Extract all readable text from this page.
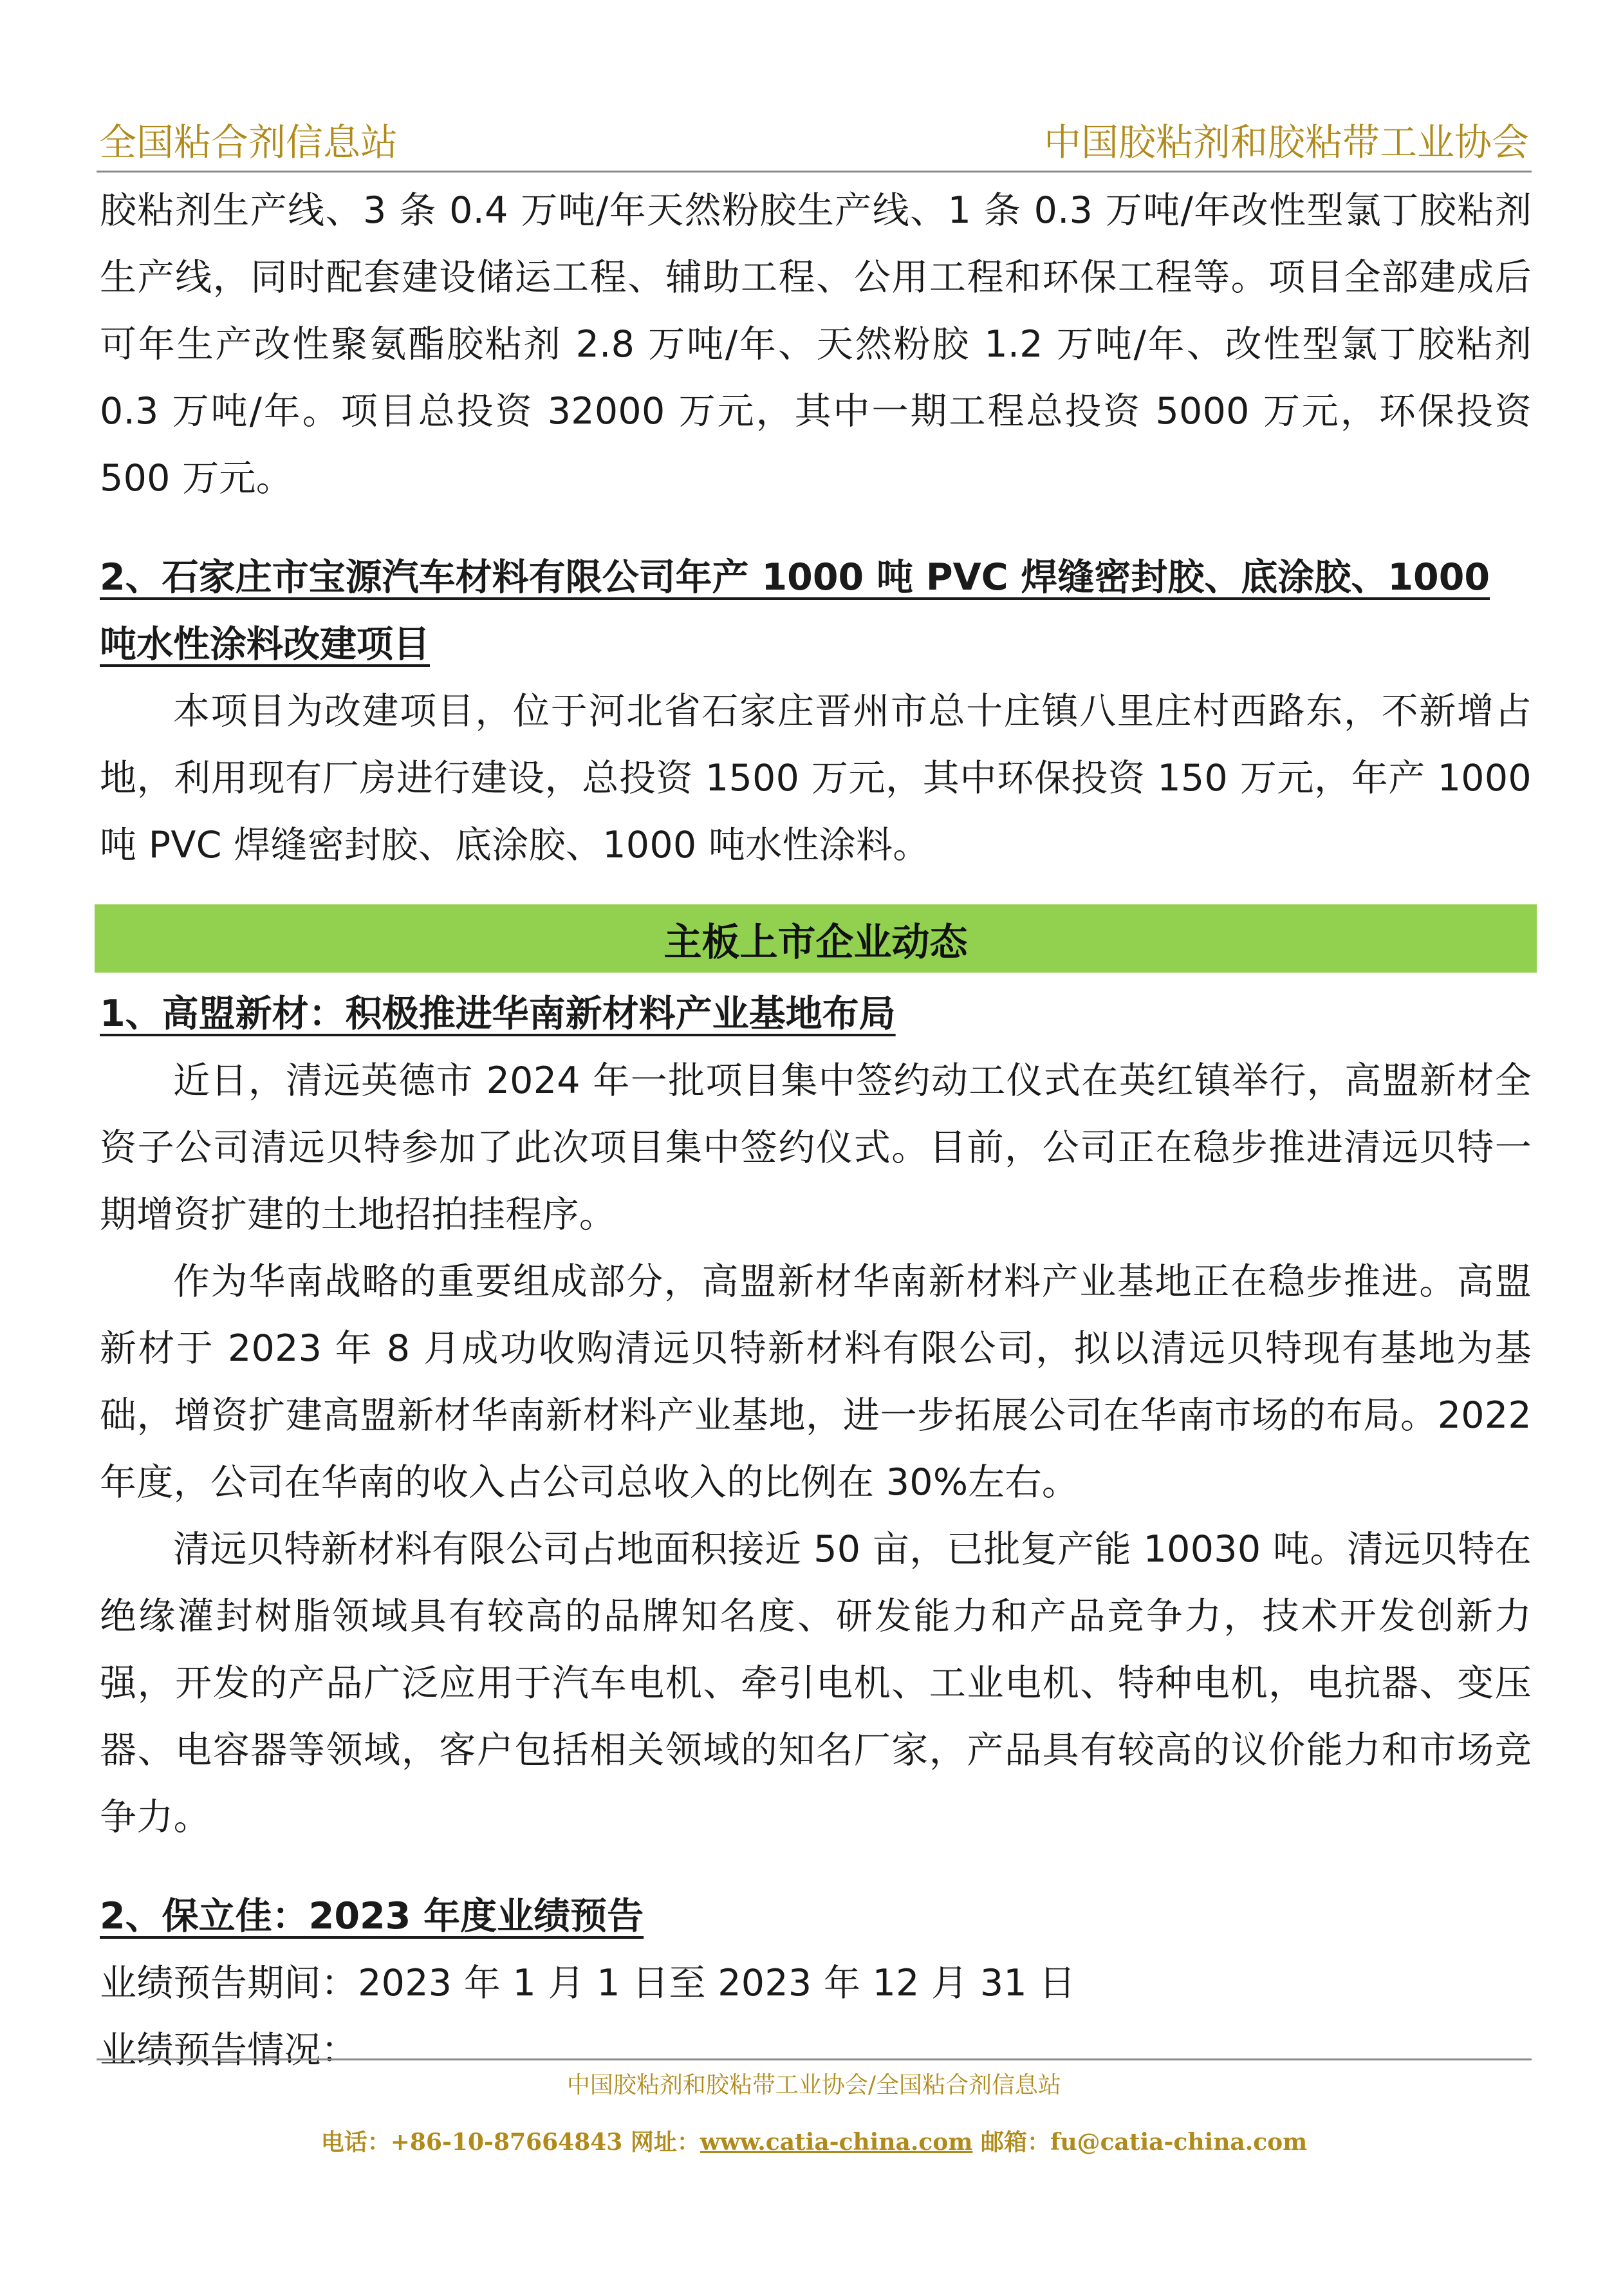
全国粘合剂信息站	中国胶粘剂和胶粘带工业协会

胶粘剂生产线、3 条 0.4 万吨/年天然粉胶生产线、1 条 0.3 万吨/年改性型氯丁胶粘剂生产线，同时配套建设储运工程、辅助工程、公用工程和环保工程等。项目全部建成后可年生产改性聚氨酯胶粘剂 2.8 万吨/年、天然粉胶 1.2 万吨/年、改性型氯丁胶粘剂 0.3 万吨/年。项目总投资 32000 万元，其中一期工程总投资 5000 万元，环保投资 500 万元。

2、石家庄市宝源汽车材料有限公司年产 1000 吨 PVC 焊缝密封胶、底涂胶、1000 吨水性涂料改建项目

本项目为改建项目，位于河北省石家庄晋州市总十庄镇八里庄村西路东，不新增占地，利用现有厂房进行建设，总投资 1500 万元，其中环保投资 150 万元，年产 1000 吨 PVC 焊缝密封胶、底涂胶、1000 吨水性涂料。

主板上市企业动态
1、高盟新材：积极推进华南新材料产业基地布局

近日，清远英德市 2024 年一批项目集中签约动工仪式在英红镇举行，高盟新材全资子公司清远贝特参加了此次项目集中签约仪式。目前，公司正在稳步推进清远贝特一期增资扩建的土地招拍挂程序。

作为华南战略的重要组成部分，高盟新材华南新材料产业基地正在稳步推进。高盟新材于 2023 年 8 月成功收购清远贝特新材料有限公司，拟以清远贝特现有基地为基础，增资扩建高盟新材华南新材料产业基地，进一步拓展公司在华南市场的布局。2022 年度，公司在华南的收入占公司总收入的比例在 30%左右。

清远贝特新材料有限公司占地面积接近 50 亩，已批复产能 10030 吨。清远贝特在绝缘灌封树脂领域具有较高的品牌知名度、研发能力和产品竞争力，技术开发创新力强，开发的产品广泛应用于汽车电机、牵引电机、工业电机、特种电机，电抗器、变压器、电容器等领域，客户包括相关领域的知名厂家，产品具有较高的议价能力和市场竞争力。

2、保立佳：2023 年度业绩预告

业绩预告期间：2023 年 1 月 1 日至 2023 年 12 月 31 日

业绩预告情况：

中国胶粘剂和胶粘带工业协会/全国粘合剂信息站
电话：+86-10-87664843 网址：www.catia-china.com 邮箱：fu@catia-china.com
